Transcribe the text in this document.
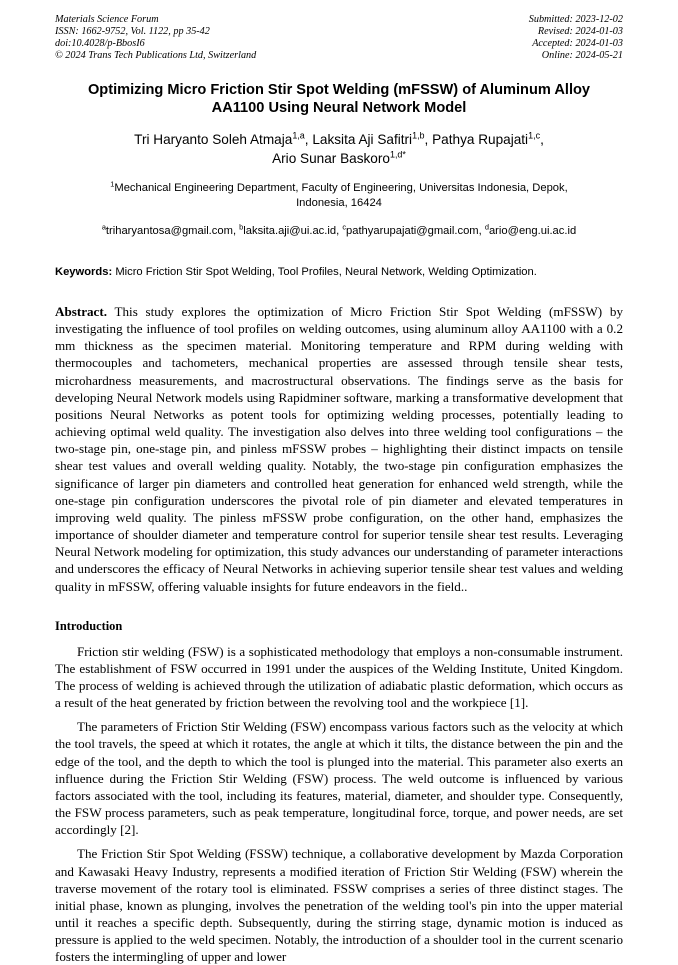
Materials Science Forum
ISSN: 1662-9752, Vol. 1122, pp 35-42
doi:10.4028/p-BbosI6
© 2024 Trans Tech Publications Ltd, Switzerland
Submitted: 2023-12-02
Revised: 2024-01-03
Accepted: 2024-01-03
Online: 2024-05-21
Optimizing Micro Friction Stir Spot Welding (mFSSW) of Aluminum Alloy AA1100 Using Neural Network Model
Tri Haryanto Soleh Atmaja$^{1,a}$, Laksita Aji Safitri$^{1,b}$, Pathya Rupajati$^{1,c}$,
Ario Sunar Baskoro$^{1,d*}$
$^1$Mechanical Engineering Department, Faculty of Engineering, Universitas Indonesia, Depok, Indonesia, 16424
$^a$triharyantosa@gmail.com, $^b$laksita.aji@ui.ac.id, $^c$pathyarupajati@gmail.com, $^d$ario@eng.ui.ac.id
Keywords: Micro Friction Stir Spot Welding, Tool Profiles, Neural Network, Welding Optimization.
Abstract. This study explores the optimization of Micro Friction Stir Spot Welding (mFSSW) by investigating the influence of tool profiles on welding outcomes, using aluminum alloy AA1100 with a 0.2 mm thickness as the specimen material. Monitoring temperature and RPM during welding with thermocouples and tachometers, mechanical properties are assessed through tensile shear tests, microhardness measurements, and macrostructural observations. The findings serve as the basis for developing Neural Network models using Rapidminer software, marking a transformative development that positions Neural Networks as potent tools for optimizing welding processes, potentially leading to achieving optimal weld quality. The investigation also delves into three welding tool configurations – the two-stage pin, one-stage pin, and pinless mFSSW probes – highlighting their distinct impacts on tensile shear test values and overall welding quality. Notably, the two-stage pin configuration emphasizes the significance of larger pin diameters and controlled heat generation for enhanced weld strength, while the one-stage pin configuration underscores the pivotal role of pin diameter and elevated temperatures in improving weld quality. The pinless mFSSW probe configuration, on the other hand, emphasizes the importance of shoulder diameter and temperature control for superior tensile shear test results. Leveraging Neural Network modeling for optimization, this study advances our understanding of parameter interactions and underscores the efficacy of Neural Networks in achieving superior tensile shear test values and welding quality in mFSSW, offering valuable insights for future endeavors in the field..
Introduction
Friction stir welding (FSW) is a sophisticated methodology that employs a non-consumable instrument. The establishment of FSW occurred in 1991 under the auspices of the Welding Institute, United Kingdom. The process of welding is achieved through the utilization of adiabatic plastic deformation, which occurs as a result of the heat generated by friction between the revolving tool and the workpiece [1].
The parameters of Friction Stir Welding (FSW) encompass various factors such as the velocity at which the tool travels, the speed at which it rotates, the angle at which it tilts, the distance between the pin and the edge of the tool, and the depth to which the tool is plunged into the material. This parameter also exerts an influence during the Friction Stir Welding (FSW) process. The weld outcome is influenced by various factors associated with the tool, including its features, material, diameter, and shoulder type. Consequently, the FSW process parameters, such as peak temperature, longitudinal force, torque, and power needs, are set accordingly [2].
The Friction Stir Spot Welding (FSSW) technique, a collaborative development by Mazda Corporation and Kawasaki Heavy Industry, represents a modified iteration of Friction Stir Welding (FSW) wherein the traverse movement of the rotary tool is eliminated. FSSW comprises a series of three distinct stages. The initial phase, known as plunging, involves the penetration of the welding tool's pin into the upper material until it reaches a specific depth. Subsequently, during the stirring stage, dynamic motion is induced as pressure is applied to the weld specimen. Notably, the introduction of a shoulder tool in the current scenario fosters the intermingling of upper and lower
